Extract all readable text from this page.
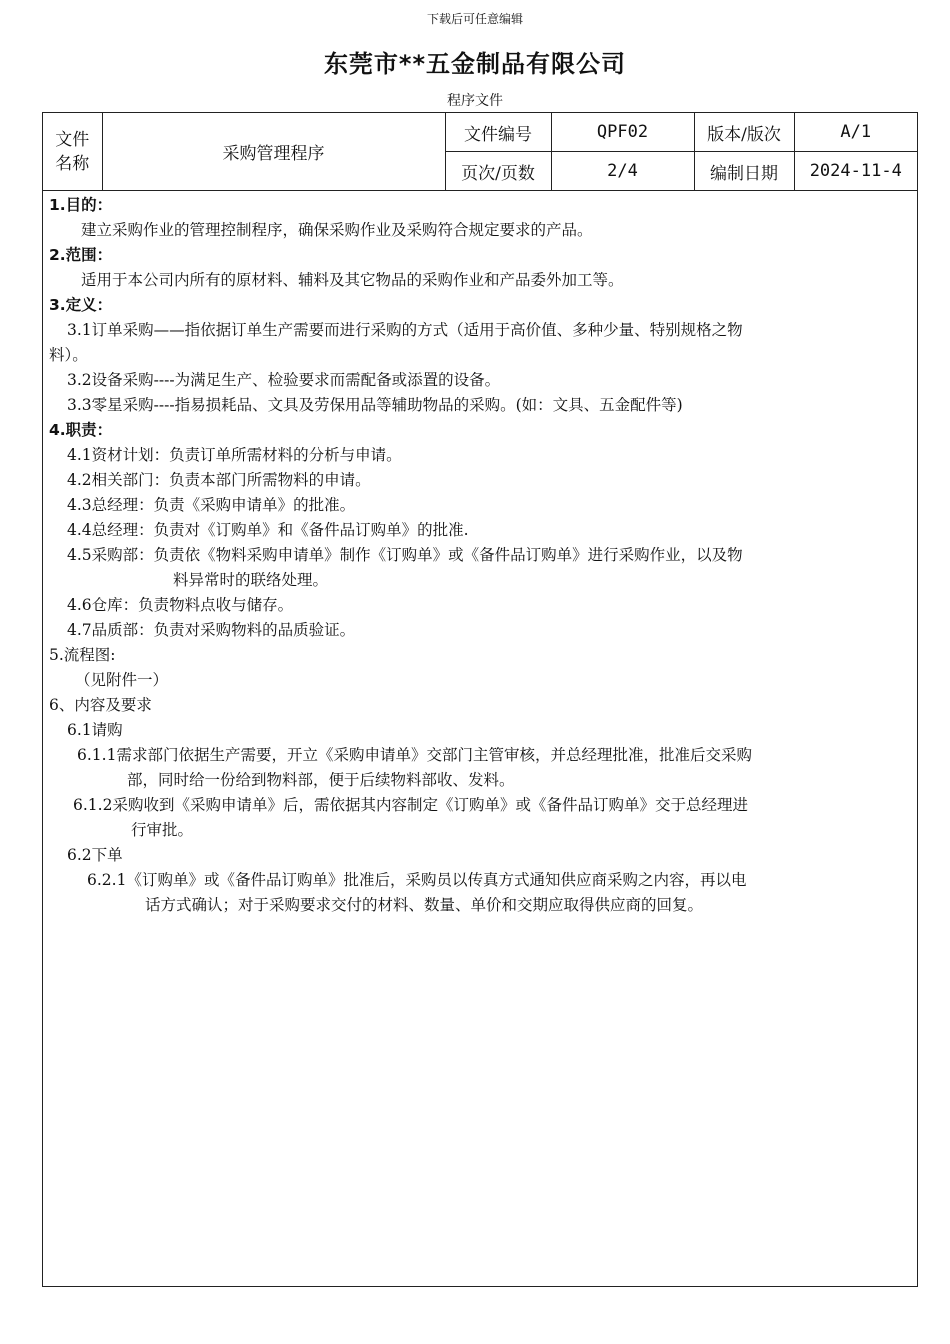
下载后可任意编辑
东莞市**五金制品有限公司
程序文件
文件
名称	采购管理程序	文件编号	QPF02	版本/版次	A/1
		页次/页数	2/4	编制日期	2024-11-4
1.目的：
建立采购作业的管理控制程序，确保采购作业及采购符合规定要求的产品。
2.范围：
适用于本公司内所有的原材料、辅料及其它物品的采购作业和产品委外加工等。
3.定义：
3.1订单采购——指依据订单生产需要而进行采购的方式（适用于高价值、多种少量、特别规格之物
料）。
3.2设备采购----为满足生产、检验要求而需配备或添置的设备。
3.3零星采购----指易损耗品、文具及劳保用品等辅助物品的采购。(如：文具、五金配件等)
4.职责：
4.1资材计划：负责订单所需材料的分析与申请。
4.2相关部门：负责本部门所需物料的申请。
4.3总经理：负责《采购申请单》的批准。
4.4总经理：负责对《订购单》和《备件品订购单》的批准.
4.5采购部：负责依《物料采购申请单》制作《订购单》或《备件品订购单》进行采购作业，以及物
料异常时的联络处理。
4.6仓库：负责物料点收与储存。
4.7品质部：负责对采购物料的品质验证。
5.流程图:
（见附件一）
6、内容及要求
6.1请购
6.1.1需求部门依据生产需要，开立《采购申请单》交部门主管审核，并总经理批准，批准后交采购
部，同时给一份给到物料部，便于后续物料部收、发料。
6.1.2采购收到《采购申请单》后，需依据其内容制定《订购单》或《备件品订购单》交于总经理进
行审批。
6.2下单
6.2.1《订购单》或《备件品订购单》批准后，采购员以传真方式通知供应商采购之内容，再以电
话方式确认；对于采购要求交付的材料、数量、单价和交期应取得供应商的回复。
